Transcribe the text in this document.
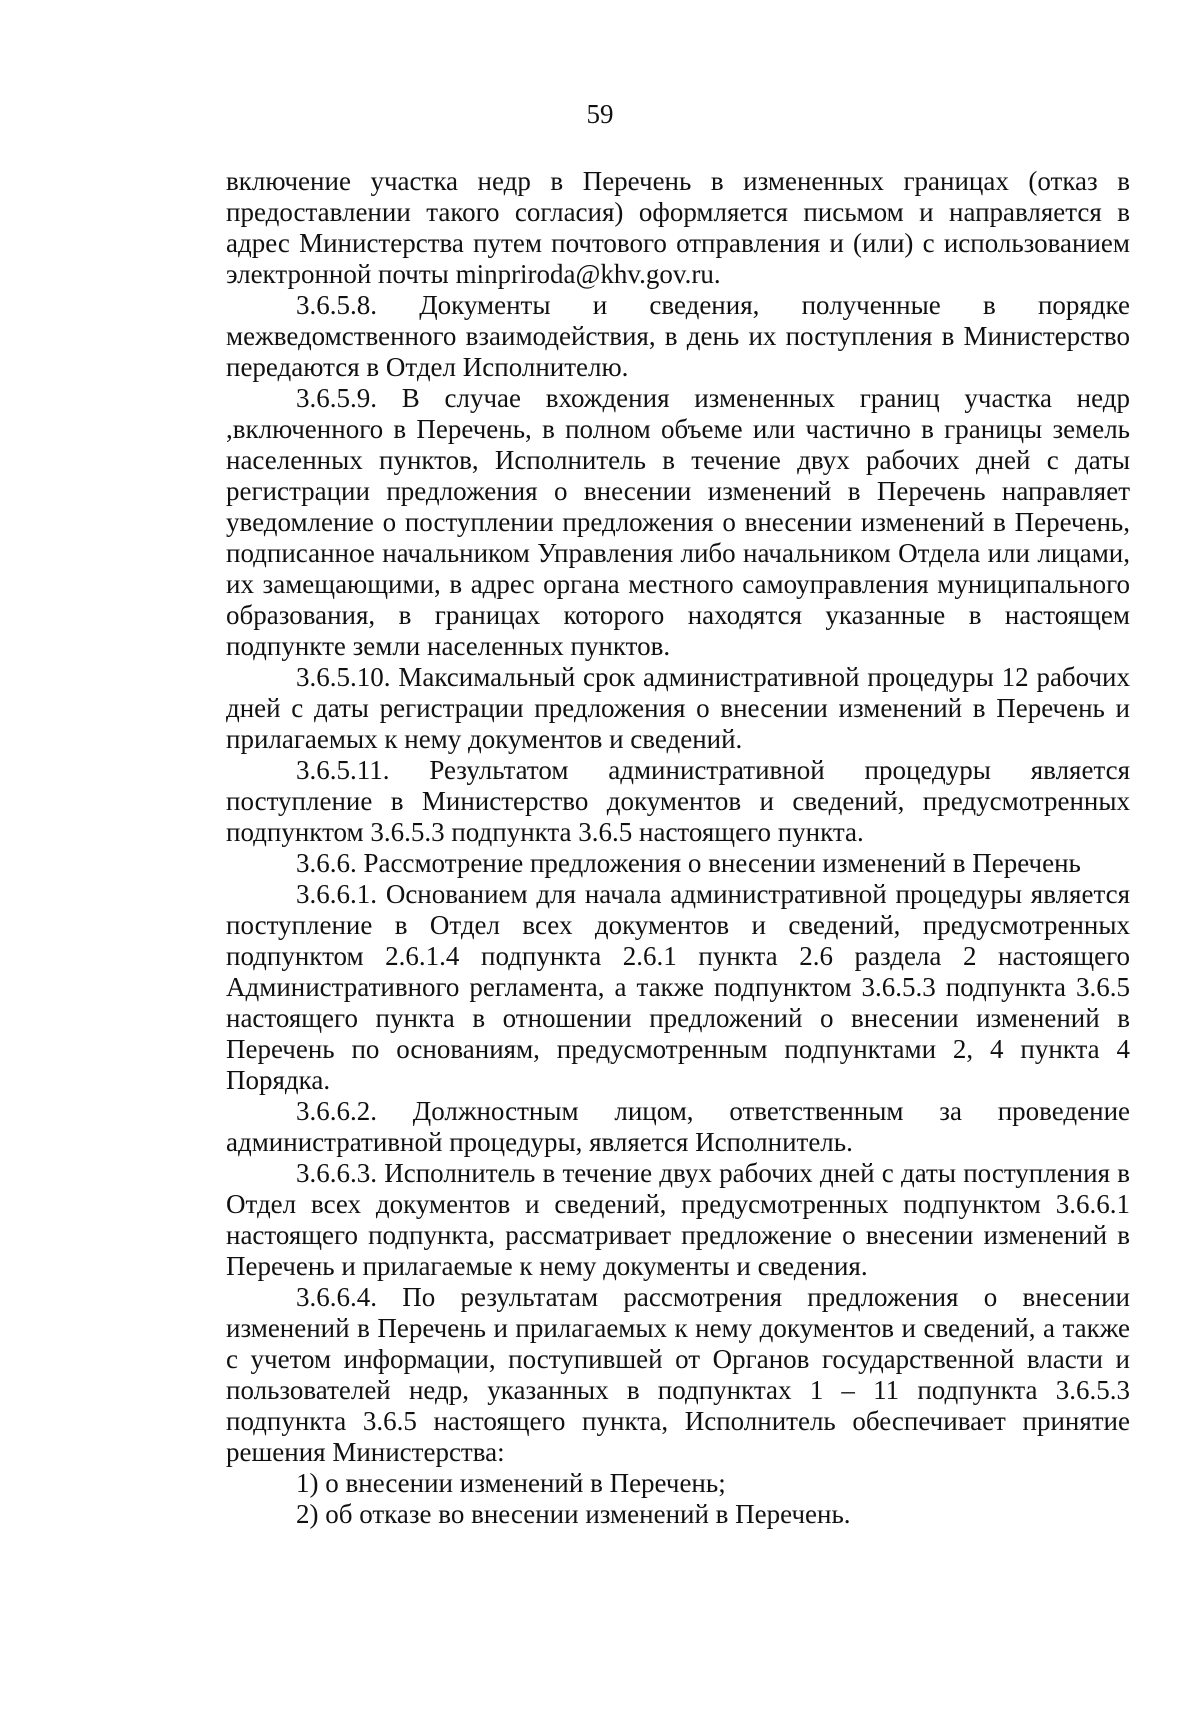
59

включение участка недр в Перечень в измененных границах (отказ в предоставлении такого согласия) оформляется письмом и направляется в адрес Министерства путем почтового отправления и (или) с использованием электронной почты minpriroda@khv.gov.ru.

3.6.5.8. Документы и сведения, полученные в порядке межведомственного взаимодействия, в день их поступления в Министерство передаются в Отдел Исполнителю.

3.6.5.9. В случае вхождения измененных границ участка недр ,включенного в Перечень, в полном объеме или частично в границы земель населенных пунктов, Исполнитель в течение двух рабочих дней с даты регистрации предложения о внесении изменений в Перечень направляет уведомление о поступлении предложения о внесении изменений в Перечень, подписанное начальником Управления либо начальником Отдела или лицами, их замещающими, в адрес органа местного самоуправления муниципального образования, в границах которого находятся указанные в настоящем подпункте земли населенных пунктов.

3.6.5.10. Максимальный срок административной процедуры 12 рабочих дней с даты регистрации предложения о внесении изменений в Перечень и прилагаемых к нему документов и сведений.

3.6.5.11. Результатом административной процедуры является поступление в Министерство документов и сведений, предусмотренных подпунктом 3.6.5.3 подпункта 3.6.5 настоящего пункта.

3.6.6. Рассмотрение предложения о внесении изменений в Перечень

3.6.6.1. Основанием для начала административной процедуры является поступление в Отдел всех документов и сведений, предусмотренных подпунктом 2.6.1.4 подпункта 2.6.1 пункта 2.6 раздела 2 настоящего Административного регламента, а также подпунктом 3.6.5.3 подпункта 3.6.5 настоящего пункта в отношении предложений о внесении изменений в Перечень по основаниям, предусмотренным подпунктами 2, 4 пункта 4 Порядка.

3.6.6.2. Должностным лицом, ответственным за проведение административной процедуры, является Исполнитель.

3.6.6.3. Исполнитель в течение двух рабочих дней с даты поступления в Отдел всех документов и сведений, предусмотренных подпунктом 3.6.6.1 настоящего подпункта, рассматривает предложение о внесении изменений в Перечень и прилагаемые к нему документы и сведения.

3.6.6.4. По результатам рассмотрения предложения о внесении изменений в Перечень и прилагаемых к нему документов и сведений, а также с учетом информации, поступившей от Органов государственной власти и пользователей недр, указанных в подпунктах 1 – 11 подпункта 3.6.5.3 подпункта 3.6.5 настоящего пункта, Исполнитель обеспечивает принятие решения Министерства:

1) о внесении изменений в Перечень;

2) об отказе во внесении изменений в Перечень.
